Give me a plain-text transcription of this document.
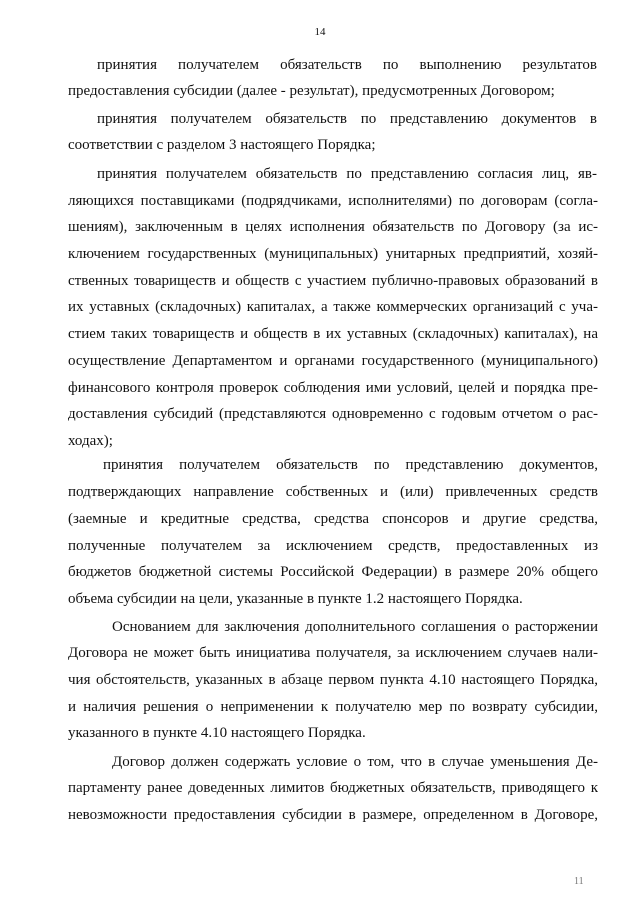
14
принятия получателем обязательств по выполнению результатов
предоставления субсидии (далее - результат), предусмотренных Договором;
принятия получателем обязательств по представлению документов в
соответствии с разделом 3 настоящего Порядка;
принятия получателем обязательств по представлению согласия лиц, яв-
ляющихся поставщиками (подрядчиками, исполнителями) по договорам (согла-
шениям), заключенным в целях исполнения обязательств по Договору (за ис-
ключением государственных (муниципальных) унитарных предприятий, хозяй-
ственных товариществ и обществ с участием публично-правовых образований в
их уставных (складочных) капиталах, а также коммерческих организаций с уча-
стием таких товариществ и обществ в их уставных (складочных) капиталах), на
осуществление Департаментом и органами государственного (муниципального)
финансового контроля проверок соблюдения ими условий, целей и порядка пре-
доставления субсидий (представляются одновременно с годовым отчетом о рас-
ходах);
принятия получателем обязательств по представлению документов,
подтверждающих направление собственных и (или) привлеченных средств
(заемные и кредитные средства, средства спонсоров и другие средства,
полученные получателем за исключением средств, предоставленных из
бюджетов бюджетной системы Российской Федерации) в размере 20% общего
объема субсидии на цели, указанные в пункте 1.2 настоящего Порядка.
Основанием для заключения дополнительного соглашения о расторжении
Договора не может быть инициатива получателя, за исключением случаев нали-
чия обстоятельств, указанных в абзаце первом пункта 4.10 настоящего Порядка,
и наличия решения о неприменении к получателю мер по возврату субсидии,
указанного в пункте 4.10 настоящего Порядка.
Договор должен содержать условие о том, что в случае уменьшения Де-
партаменту ранее доведенных лимитов бюджетных обязательств, приводящего к
невозможности предоставления субсидии в размере, определенном в Договоре,
11
